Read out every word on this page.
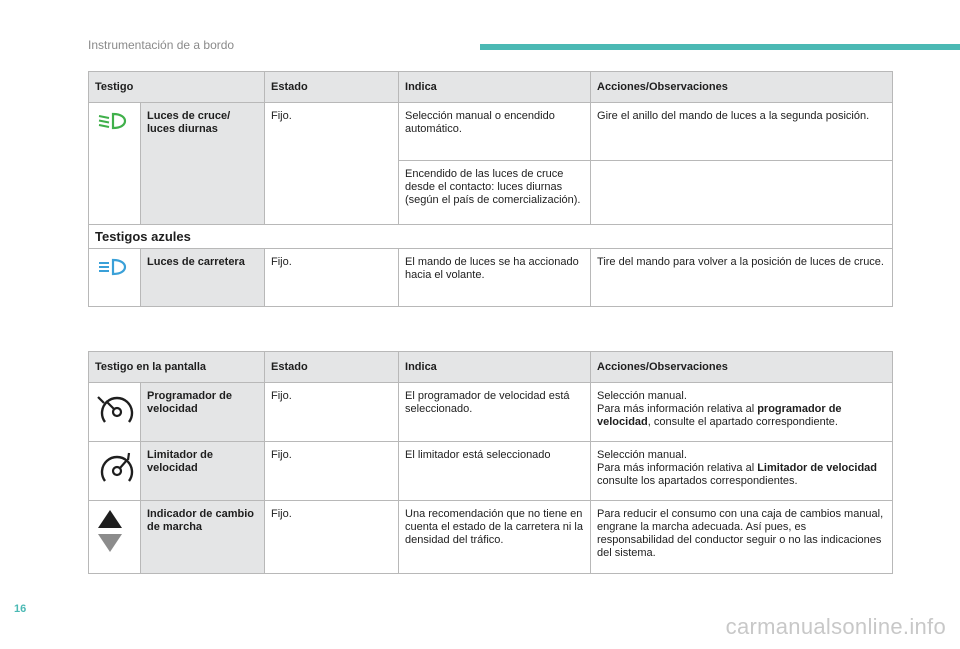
Instrumentación de a bordo
Testigo		Estado	Indica	Acciones/Observaciones
	Luces de cruce/ luces diurnas	Fijo.	Selección manual o encendido automático.	Gire el anillo del mando de luces a la segunda posición.
			Encendido de las luces de cruce desde el contacto: luces diurnas (según el país de comercialización).	
Testigos azules				
	Luces de carretera	Fijo.	El mando de luces se ha accionado hacia el volante.	Tire del mando para volver a la posición de luces de cruce.
Testigo en la pantalla		Estado	Indica	Acciones/Observaciones
	Programador de velocidad	Fijo.	El programador de velocidad está seleccionado.	Selección manual.
Para más información relativa al programador de velocidad, consulte el apartado correspondiente.
	Limitador de velocidad	Fijo.	El limitador está seleccionado	Selección manual.
Para más información relativa al Limitador de velocidad consulte los apartados correspondientes.
	Indicador de cambio de marcha	Fijo.	Una recomendación que no tiene en cuenta el estado de la carretera ni la densidad del tráfico.	Para reducir el consumo con una caja de cambios manual, engrane la marcha adecuada. Así pues, es responsabilidad del conductor seguir o no las indicaciones del sistema.
16
carmanualsonline.info
